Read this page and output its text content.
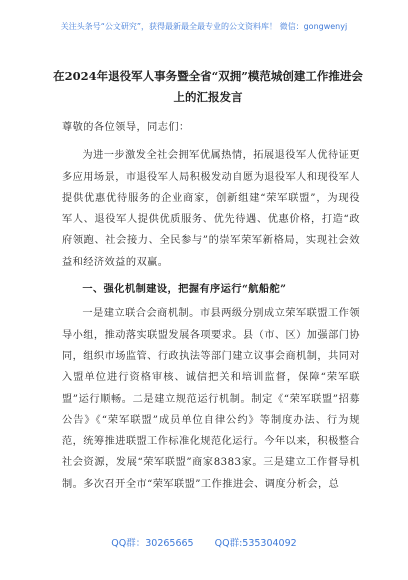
关注头条号“公文研究”，获得最新最全最专业的公文资料库！ 微信：gongwenyj
在2024年退役军人事务暨全省“双拥”模范城创建工作推进会上的汇报发言

尊敬的各位领导，同志们：

为进一步激发全社会拥军优属热情，拓展退役军人优待证更多应用场景，市退役军人局积极发动自愿为退役军人和现役军人提供优惠优待服务的企业商家，创新组建“荣军联盟”，为现役军人、退役军人提供优质服务、优先待遇、优惠价格，打造“政府领跑、社会接力、全民参与”的崇军荣军新格局，实现社会效益和经济效益的双赢。

一、强化机制建设，把握有序运行“航船舵”

一是建立联合会商机制。市县两级分别成立荣军联盟工作领导小组，推动落实联盟发展各项要求。县（市、区）加强部门协同，组织市场监管、行政执法等部门建立议事会商机制，共同对入盟单位进行资格审核、诚信把关和培训监督，保障“荣军联盟”运行顺畅。二是建立规范运行机制。制定《“荣军联盟”招募公告》《“荣军联盟”成员单位自律公约》等制度办法、行为规范，统筹推进联盟工作标准化规范化运行。今年以来，积极整合社会资源，发展“荣军联盟”商家8383家。三是建立工作督导机制。多次召开全市“荣军联盟”工作推进会、调度分析会，总

QQ群：30265665 QQ群:535304092
